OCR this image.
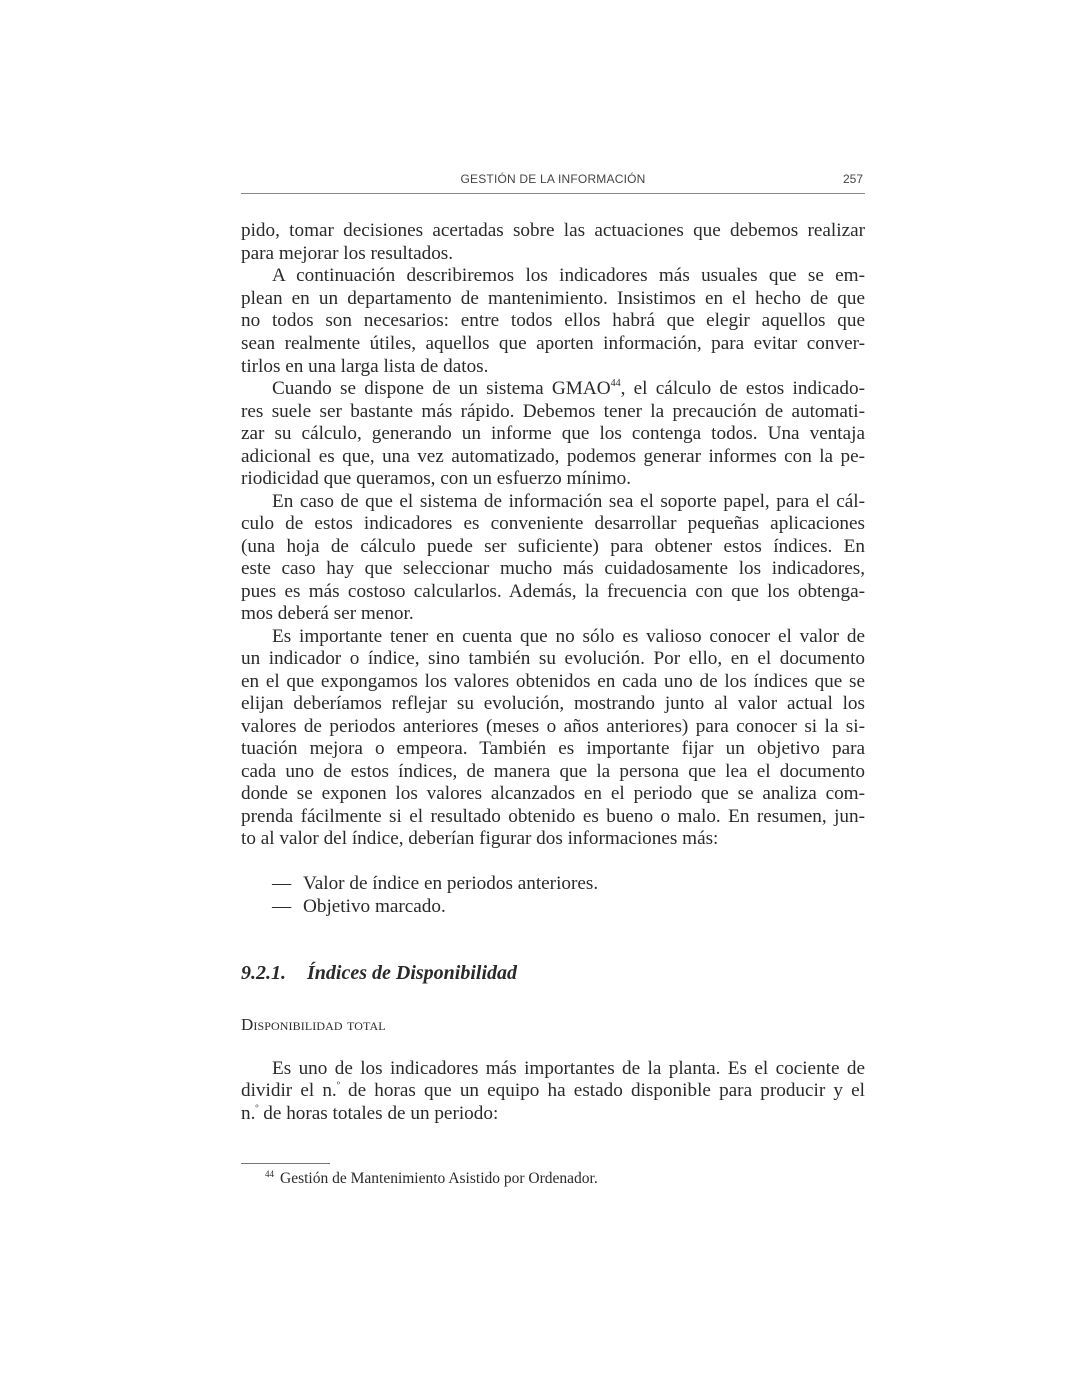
GESTIÓN DE LA INFORMACIÓN	257
pido, tomar decisiones acertadas sobre las actuaciones que debemos realizar
para mejorar los resultados.
A continuación describiremos los indicadores más usuales que se em-
plean en un departamento de mantenimiento. Insistimos en el hecho de que
no todos son necesarios: entre todos ellos habrá que elegir aquellos que
sean realmente útiles, aquellos que aporten información, para evitar conver-
tirlos en una larga lista de datos.
Cuando se dispone de un sistema GMAO$^{44}$, el cálculo de estos indicado-
res suele ser bastante más rápido. Debemos tener la precaución de automati-
zar su cálculo, generando un informe que los contenga todos. Una ventaja
adicional es que, una vez automatizado, podemos generar informes con la pe-
riodicidad que queramos, con un esfuerzo mínimo.
En caso de que el sistema de información sea el soporte papel, para el cál-
culo de estos indicadores es conveniente desarrollar pequeñas aplicaciones
(una hoja de cálculo puede ser suficiente) para obtener estos índices. En
este caso hay que seleccionar mucho más cuidadosamente los indicadores,
pues es más costoso calcularlos. Además, la frecuencia con que los obtenga-
mos deberá ser menor.
Es importante tener en cuenta que no sólo es valioso conocer el valor de
un indicador o índice, sino también su evolución. Por ello, en el documento
en el que expongamos los valores obtenidos en cada uno de los índices que se
elijan deberíamos reflejar su evolución, mostrando junto al valor actual los
valores de periodos anteriores (meses o años anteriores) para conocer si la si-
tuación mejora o empeora. También es importante fijar un objetivo para
cada uno de estos índices, de manera que la persona que lea el documento
donde se exponen los valores alcanzados en el periodo que se analiza com-
prenda fácilmente si el resultado obtenido es bueno o malo. En resumen, jun-
to al valor del índice, deberían figurar dos informaciones más:
— Valor de índice en periodos anteriores.
— Objetivo marcado.
9.2.1. Índices de Disponibilidad
Disponibilidad total
Es uno de los indicadores más importantes de la planta. Es el cociente de
dividir el n.$^º$ de horas que un equipo ha estado disponible para producir y el
n.$^º$ de horas totales de un periodo:
$^{44}$ Gestión de Mantenimiento Asistido por Ordenador.
